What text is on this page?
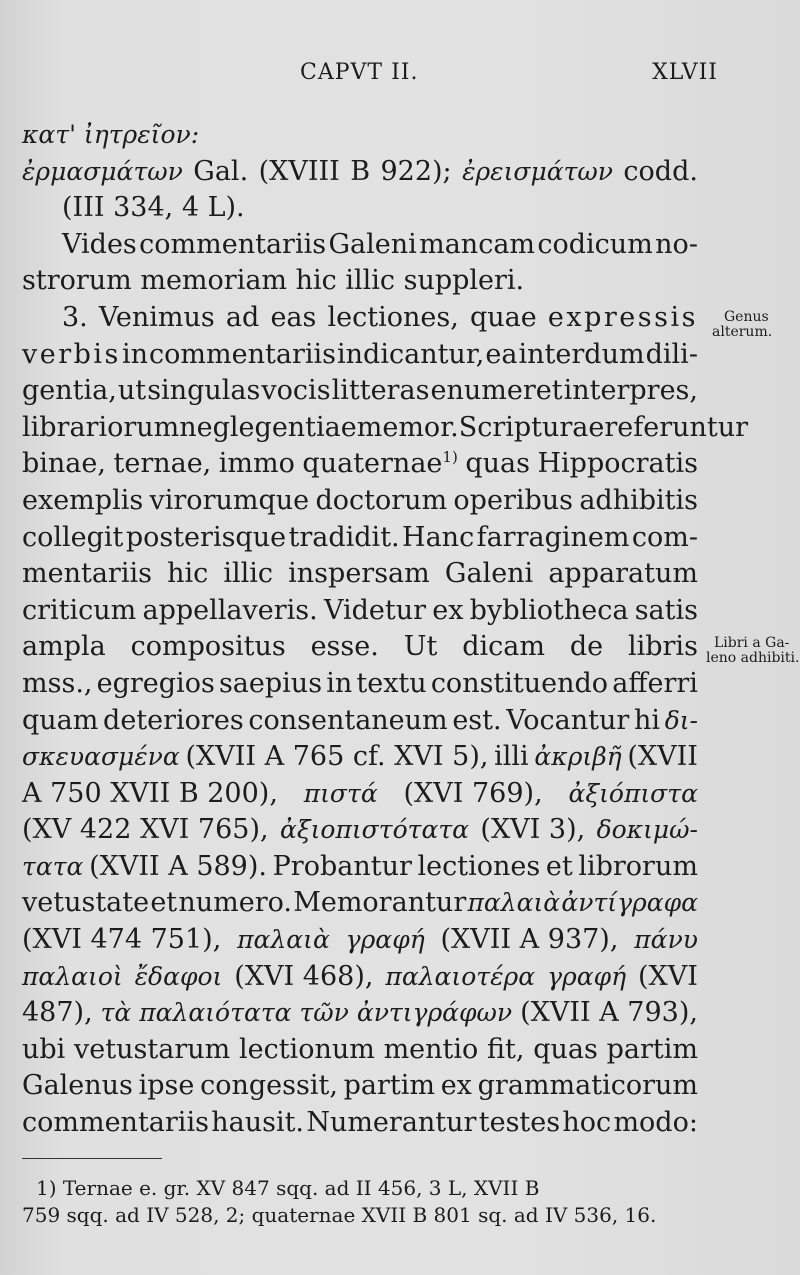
CAPVT II.	XLVII
κατ' ἰητρεῖον:
ἐρμασμάτων Gal. (XVIII B 922); ἐρεισμάτων codd.
(III 334, 4 L).
Vides commentariis Galeni mancam codicum no-
strorum memoriam hic illic suppleri.
3. Venimus ad eas lectiones, quae expressis
verbis in commentariis indicantur, ea interdum dili-
gentia, ut singulas vocis litteras enumeret interpres,
librariorum neglegentiae memor. Scripturae referuntur
binae, ternae, immo quaternae$^{1)}$ quas Hippocratis
exemplis virorumque doctorum operibus adhibitis
collegit posterisque tradidit. Hanc farraginem com-
mentariis hic illic inspersam Galeni apparatum
criticum appellaveris. Videtur ex bybliotheca satis
ampla compositus esse. Ut dicam de libris
mss., egregios saepius in textu constituendo afferri
quam deteriores consentaneum est. Vocantur hi δι-
σκευασμένα (XVII A 765 cf. XVI 5), illi ἀκριβῆ (XVII
A 750 XVII B 200), πιστά (XVI 769), ἀξιόπιστα
(XV 422 XVI 765), ἀξιοπιστότατα (XVI 3), δοκιμώ-
τατα (XVII A 589). Probantur lectiones et librorum
vetustate et numero. Memorantur παλαιὰ ἀντίγραφα
(XVI 474 751), παλαιὰ γραφή (XVII A 937), πάνυ
παλαιοὶ ἔδαφοι (XVI 468), παλαιοτέρα γραφή (XVI
487), τὰ παλαιότατα τῶν ἀντιγράφων (XVII A 793),
ubi vetustarum lectionum mentio fit, quas partim
Galenus ipse congessit, partim ex grammaticorum
commentariis hausit. Numerantur testes hoc modo:
Genus
alterum.
Libri a Ga-
leno adhibiti.
1) Ternae e. gr. XV 847 sqq. ad II 456, 3 L, XVII B
759 sqq. ad IV 528, 2; quaternae XVII B 801 sq. ad IV 536, 16.
